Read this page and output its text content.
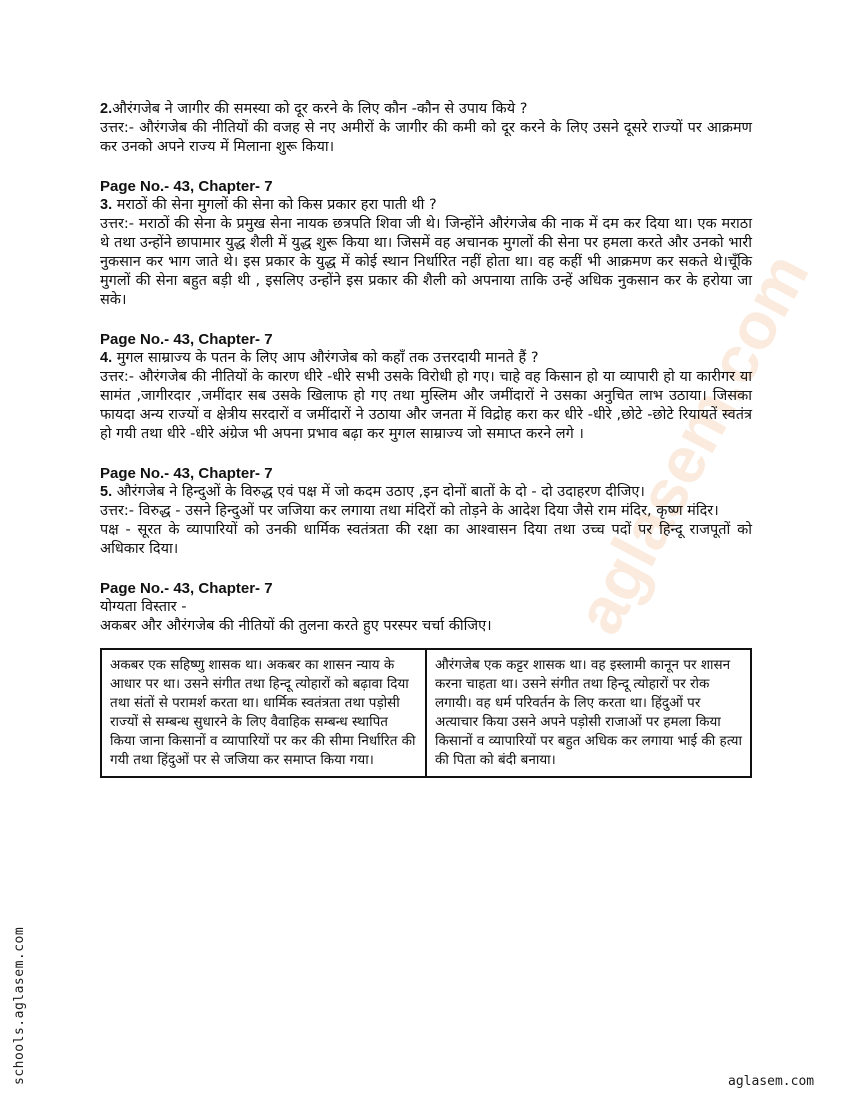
aglasem.com

2.औरंगजेब ने जागीर की समस्या को दूर करने के लिए कौन -कौन से उपाय किये ?

उत्तर:- औरंगजेब की नीतियों की वजह से नए अमीरों के जागीर की कमी को दूर करने के लिए उसने दूसरे राज्यों पर आक्रमण कर उनको अपने राज्य में मिलाना शुरू किया।

Page No.- 43, Chapter- 7

3. मराठों की सेना मुगलों की सेना को किस प्रकार हरा पाती थी ?

उत्तर:- मराठों की सेना के प्रमुख सेना नायक छत्रपति शिवा जी थे। जिन्होंने औरंगजेब की नाक में दम कर दिया था। एक मराठा थे तथा उन्होंने छापामार युद्ध शैली में युद्ध शुरू किया था। जिसमें वह अचानक मुगलों की सेना पर हमला करते और उनको भारी नुकसान कर भाग जाते थे। इस प्रकार के युद्ध में कोई स्थान निर्धारित नहीं होता था। वह कहीं भी आक्रमण कर सकते थे।चूँकि मुगलों की सेना बहुत बड़ी थी , इसलिए उन्होंने इस प्रकार की शैली को अपनाया ताकि उन्हें अधिक नुकसान कर के हरोया जा सके।

Page No.- 43, Chapter- 7

4. मुगल साम्राज्य के पतन के लिए आप औरंगजेब को कहाँ तक उत्तरदायी मानते हैं ?

उत्तर:- औरंगजेब की नीतियों के कारण धीरे -धीरे सभी उसके विरोधी हो गए। चाहे वह किसान हो या व्यापारी हो या कारीगर या सामंत ,जागीरदार ,जमींदार सब उसके खिलाफ हो गए तथा मुस्लिम और जमींदारों ने उसका अनुचित लाभ उठाया। जिसका फायदा अन्य राज्यों व क्षेत्रीय सरदारों व जमींदारों ने उठाया और जनता में विद्रोह करा कर धीरे -धीरे ,छोटे -छोटे रियायतें स्वतंत्र हो गयी तथा धीरे -धीरे अंग्रेज भी अपना प्रभाव बढ़ा कर मुगल साम्राज्य जो समाप्त करने लगे ।

Page No.- 43, Chapter- 7

5. औरंगजेब ने हिन्दुओं के विरुद्ध एवं पक्ष में जो कदम उठाए ,इन दोनों बातों के दो - दो उदाहरण दीजिए।

उत्तर:- विरुद्ध - उसने हिन्दुओं पर जजिया कर लगाया तथा मंदिरों को तोड़ने के आदेश दिया जैसे राम मंदिर, कृष्ण मंदिर।

पक्ष - सूरत के व्यापारियों को उनकी धार्मिक स्वतंत्रता की रक्षा का आश्वासन दिया तथा उच्च पदों पर हिन्दू राजपूतों को अधिकार दिया।

Page No.- 43, Chapter- 7

योग्यता विस्तार -

अकबर और औरंगजेब की नीतियों की तुलना करते हुए परस्पर चर्चा कीजिए।

अकबर एक सहिष्णु शासक था। अकबर का शासन न्याय के आधार पर था। उसने संगीत तथा हिन्दू त्योहारों को बढ़ावा दिया तथा संतों से परामर्श करता था। धार्मिक स्वतंत्रता तथा पड़ोसी राज्यों से सम्बन्ध सुधारने के लिए वैवाहिक सम्बन्ध स्थापित किया जाना किसानों व व्यापारियों पर कर की सीमा निर्धारित की गयी तथा हिंदुओं पर से जजिया कर समाप्त किया गया।	औरंगजेब एक कट्टर शासक था। वह इस्लामी कानून पर शासन करना चाहता था। उसने संगीत तथा हिन्दू त्योहारों पर रोक लगायी। वह धर्म परिवर्तन के लिए करता था। हिंदुओं पर अत्याचार किया उसने अपने पड़ोसी राजाओं पर हमला किया किसानों व व्यापारियों पर बहुत अधिक कर लगाया भाई की हत्या की पिता को बंदी बनाया।
schools.aglasem.com	aglasem.com
